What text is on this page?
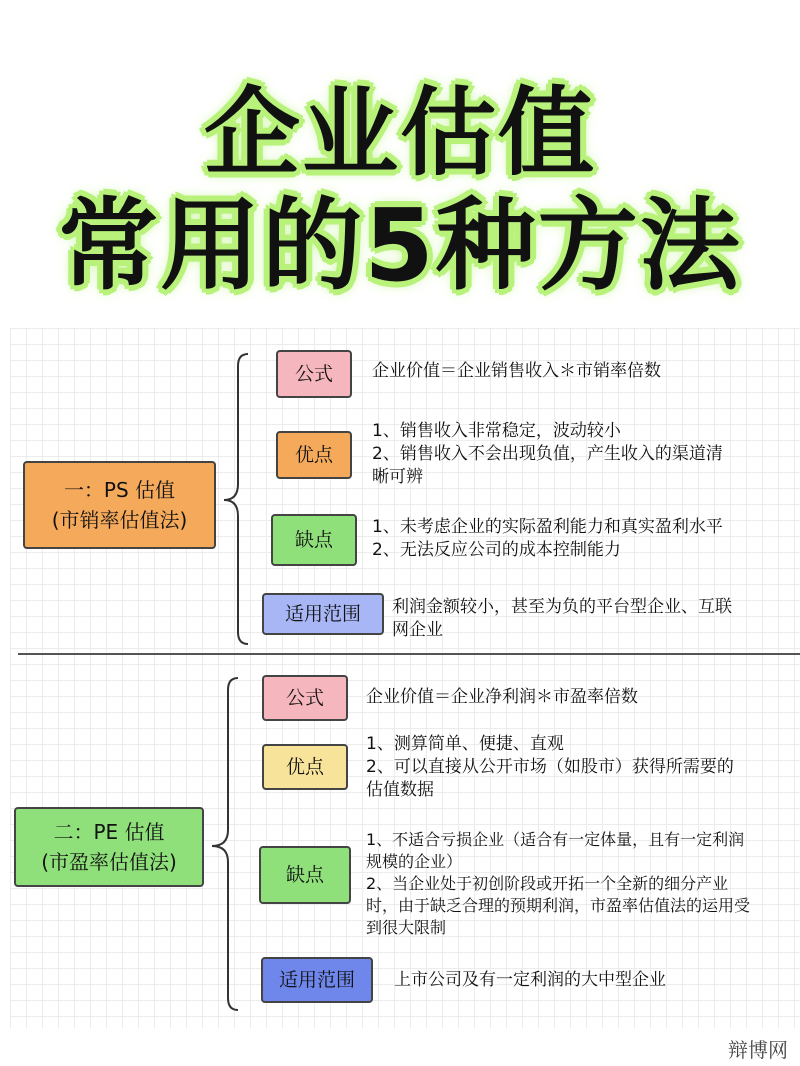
企业估值
常用的5种方法
一：PS 估值
(市销率估值法)
公式	企业价值＝企业销售收入＊市销率倍数
优点
1、销售收入非常稳定，波动较小
2、销售收入不会出现负值，产生收入的渠道清
晰可辨
缺点
1、未考虑企业的实际盈利能力和真实盈利水平
2、无法反应公司的成本控制能力
适用范围	利润金额较小，甚至为负的平台型企业、互联
网企业
二：PE 估值
(市盈率估值法)
公式	企业价值＝企业净利润＊市盈率倍数
优点
1、测算简单、便捷、直观
2、可以直接从公开市场（如股市）获得所需要的
估值数据
缺点
1、不适合亏损企业（适合有一定体量，且有一定利润
规模的企业）
2、当企业处于初创阶段或开拓一个全新的细分产业
时，由于缺乏合理的预期利润，市盈率估值法的运用受
到很大限制
适用范围	上市公司及有一定利润的大中型企业
辩博网
